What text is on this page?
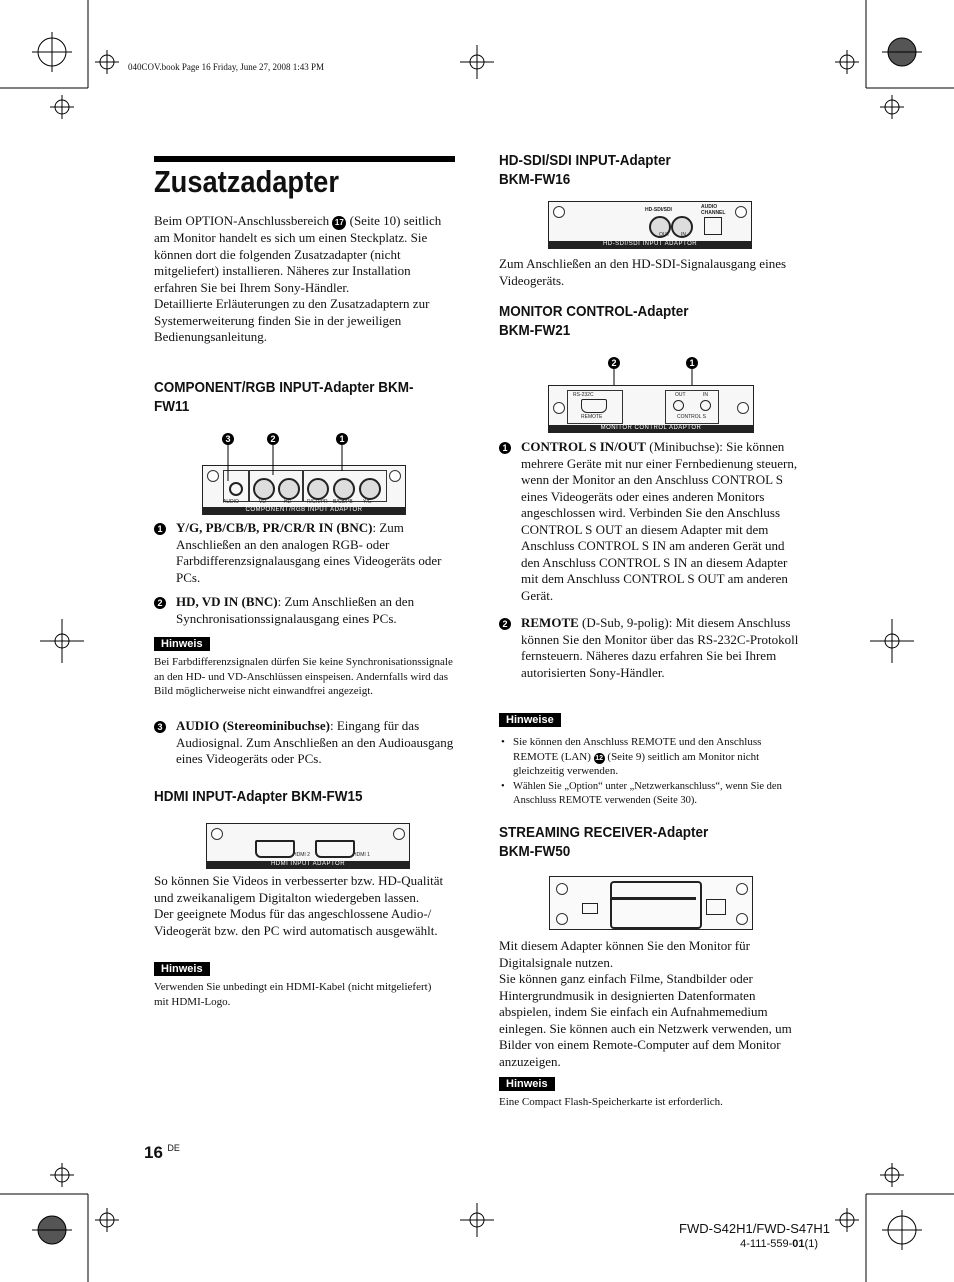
040COV.book Page 16 Friday, June 27, 2008 1:43 PM
Zusatzadapter
Beim OPTION-Anschlussbereich 17 (Seite 10) seitlich am Monitor handelt es sich um einen Steckplatz. Sie können dort die folgenden Zusatzadapter (nicht mitgeliefert) installieren. Näheres zur Installation erfahren Sie bei Ihrem Sony-Händler.
Detaillierte Erläuterungen zu den Zusatzadaptern zur Systemerweiterung finden Sie in der jeweiligen Bedienungsanleitung.
COMPONENT/RGB INPUT-Adapter BKM-FW11
3	2	1
AUDIO	VD	HD	R/CR/PR B/CB/PB Y/G
COMPONENT/RGB INPUT ADAPTOR
1 Y/G, PB/CB/B, PR/CR/R IN (BNC): Zum Anschließen an den analogen RGB- oder Farbdifferenzsignalausgang eines Videogeräts oder PCs.
2 HD, VD IN (BNC): Zum Anschließen an den Synchronisationssignalausgang eines PCs.
Hinweis
Bei Farbdifferenzsignalen dürfen Sie keine Synchronisationssignale an den HD- und VD-Anschlüssen einspeisen. Andernfalls wird das Bild möglicherweise nicht einwandfrei angezeigt.
3 AUDIO (Stereominibuchse): Eingang für das Audiosignal. Zum Anschließen an den Audioausgang eines Videogeräts oder PCs.
HDMI INPUT-Adapter BKM-FW15
HDMI 2	HDMI 1
HDMI INPUT ADAPTOR
So können Sie Videos in verbesserter bzw. HD-Qualität und zweikanaligem Digitalton wiedergeben lassen.
Der geeignete Modus für das angeschlossene Audio-/ Videogerät bzw. den PC wird automatisch ausgewählt.
Hinweis
Verwenden Sie unbedingt ein HDMI-Kabel (nicht mitgeliefert) mit HDMI-Logo.
HD-SDI/SDI INPUT-Adapter BKM-FW16
HD-SDI/SDI	AUDIO CHANNEL
OUT IN
HD-SDI/SDI INPUT ADAPTOR
Zum Anschließen an den HD-SDI-Signalausgang eines Videogeräts.
MONITOR CONTROL-Adapter BKM-FW21
2	1
RS-232C
REMOTE
OUT	IN
CONTROL S
MONITOR CONTROL ADAPTOR
1 CONTROL S IN/OUT (Minibuchse): Sie können mehrere Geräte mit nur einer Fernbedienung steuern, wenn der Monitor an den Anschluss CONTROL S eines Videogeräts oder eines anderen Monitors angeschlossen wird. Verbinden Sie den Anschluss CONTROL S OUT an diesem Adapter mit dem Anschluss CONTROL S IN am anderen Gerät und den Anschluss CONTROL S IN an diesem Adapter mit dem Anschluss CONTROL S OUT am anderen Gerät.
2 REMOTE (D-Sub, 9-polig): Mit diesem Anschluss können Sie den Monitor über das RS-232C-Protokoll fernsteuern. Näheres dazu erfahren Sie bei Ihrem autorisierten Sony-Händler.
Hinweise
• Sie können den Anschluss REMOTE und den Anschluss REMOTE (LAN) 12 (Seite 9) seitlich am Monitor nicht gleichzeitig verwenden.
• Wählen Sie „Option“ unter „Netzwerkanschluss“, wenn Sie den Anschluss REMOTE verwenden (Seite 30).
STREAMING RECEIVER-Adapter BKM-FW50
Mit diesem Adapter können Sie den Monitor für Digitalsignale nutzen.
Sie können ganz einfach Filme, Standbilder oder Hintergrundmusik in designierten Datenformaten abspielen, indem Sie einfach ein Aufnahmemedium einlegen. Sie können auch ein Netzwerk verwenden, um Bilder von einem Remote-Computer auf dem Monitor anzuzeigen.
Hinweis
Eine Compact Flash-Speicherkarte ist erforderlich.
16 $^{DE}$
FWD-S42H1/FWD-S47H1
4-111-559-01(1)
